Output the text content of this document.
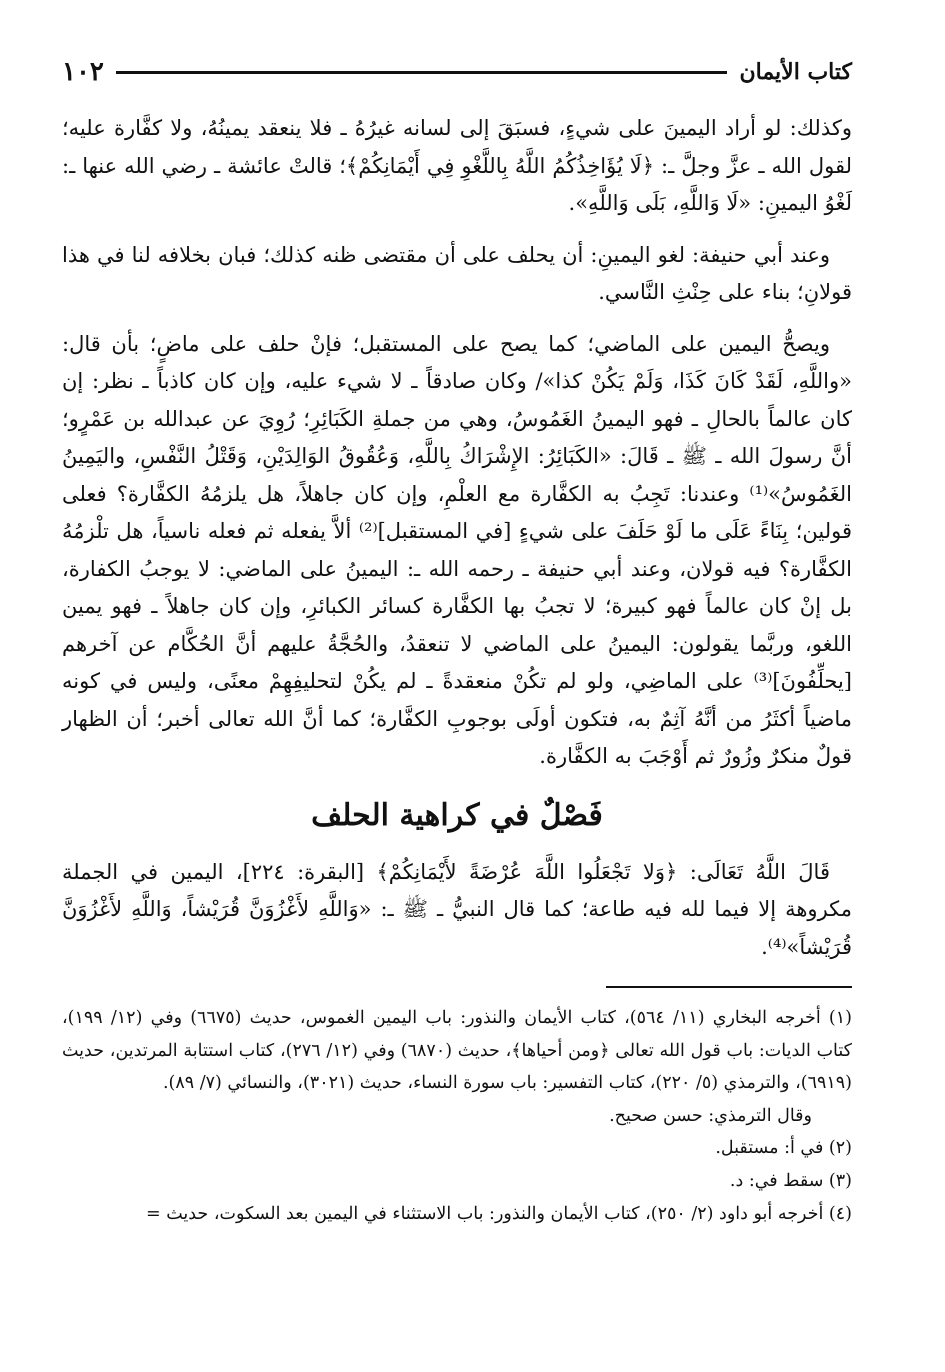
كتاب الأيمان
١٠٢

وكذلك: لو أراد اليمينَ على شيءٍ، فسبَقَ إلى لسانه غيرُهُ ـ فلا ينعقد يمينُهُ، ولا كفَّارة عليه؛ لقول الله ـ عزَّ وجلَّ ـ: ﴿لَا يُؤَاخِذُكُمُ اللَّهُ بِاللَّغْوِ فِي أَيْمَانِكُمْ﴾؛ قالتْ عائشة ـ رضي الله عنها ـ: لَغْوُ اليمينِ: «لَا وَاللَّهِ، بَلَى وَاللَّهِ».

وعند أبي حنيفة: لغو اليمينِ: أن يحلف على أن مقتضى ظنه كذلك؛ فبان بخلافه لنا في هذا قولانِ؛ بناء على حِنْثِ النَّاسي.

ويصحُّ اليمين على الماضي؛ كما يصح على المستقبل؛ فإنْ حلف على ماضٍ؛ بأن قال: «واللَّهِ، لَقَدْ كَانَ كَذَا، وَلَمْ يَكُنْ كذا»/ وكان صادقاً ـ لا شيء عليه، وإن كان كاذباً ـ نظر: إن كان عالماً بالحالِ ـ فهو اليمينُ الغَمُوسُ، وهي من جملةِ الكَبَائِرِ؛ رُوِيَ عن عبدالله بن عَمْرٍو؛ أنَّ رسولَ الله ـ ﷺ ـ قَالَ: «الكَبَائِرُ: الإِشْرَاكُ بِاللَّهِ، وَعُقُوقُ الوَالِدَيْنِ، وَقَتْلُ النَّفْسِ، واليَمِينُ الغَمُوسُ»⁽¹⁾ وعندنا: تَجِبُ به الكفَّارة مع العلْمِ، وإن كان جاهلاً، هل يلزمُهُ الكفَّارة؟ فعلى قولين؛ بِنَاءً عَلَى ما لَوْ حَلَفَ على شيءٍ [في المستقبل]⁽²⁾ ألاَّ يفعله ثم فعله ناسياً، هل تلْزمُهُ الكفَّارة؟ فيه قولان، وعند أبي حنيفة ـ رحمه الله ـ: اليمينُ على الماضي: لا يوجبُ الكفارة، بل إنْ كان عالماً فهو كبيرة؛ لا تجبُ بها الكفَّارة كسائر الكبائرِ، وإن كان جاهلاً ـ فهو يمين اللغو، وربَّما يقولون: اليمينُ على الماضي لا تنعقدُ، والحُجَّةُ عليهم أنَّ الحُكَّام عن آخرهم [يحلِّفُونَ]⁽³⁾ على الماضِي، ولو لم تكُنْ منعقدةً ـ لم يكُنْ لتحليفِهِمْ معنًى، وليس في كونه ماضياً أكثَرُ من أنَّهُ آثِمٌ به، فتكون أولَى بوجوبِ الكفَّارة؛ كما أنَّ الله تعالى أخبر؛ أن الظهار قولٌ منكرٌ وزُورٌ ثم أَوْجَبَ به الكفَّارة.

فَصْلٌ في كراهية الحلف

قَالَ اللَّهُ تَعَالَى: ﴿وَلا تَجْعَلُوا اللَّهَ عُرْضَةً لأَيْمَانِكُمْ﴾ [البقرة: ٢٢٤]، اليمين في الجملة مكروهة إلا فيما لله فيه طاعة؛ كما قال النبيُّ ـ ﷺ ـ: «وَاللَّهِ لأَغْزُوَنَّ قُرَيْشاً، وَاللَّهِ لأَغْزُوَنَّ قُرَيْشاً»⁽⁴⁾.

(١) أخرجه البخاري (١١/ ٥٦٤)، كتاب الأيمان والنذور: باب اليمين الغموس، حديث (٦٦٧٥) وفي (١٢/ ١٩٩)، كتاب الديات: باب قول الله تعالى ﴿ومن أحياها﴾، حديث (٦٨٧٠) وفي (١٢/ ٢٧٦)، كتاب استتابة المرتدين، حديث (٦٩١٩)، والترمذي (٥/ ٢٢٠)، كتاب التفسير: باب سورة النساء، حديث (٣٠٢١)، والنسائي (٧/ ٨٩).

وقال الترمذي: حسن صحيح.

(٢) في أ: مستقبل.

(٣) سقط في: د.

(٤) أخرجه أبو داود (٢/ ٢٥٠)، كتاب الأيمان والنذور: باب الاستثناء في اليمين بعد السكوت، حديث =
